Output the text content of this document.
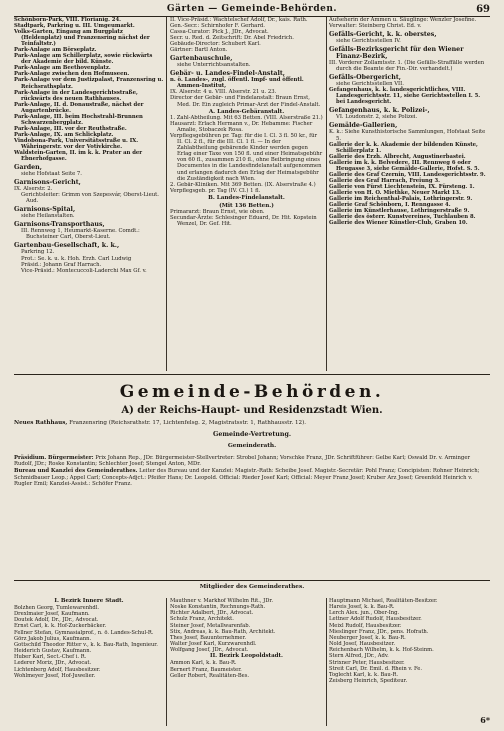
Gärten — Gemeinde-Behörden.	69

Schönborn-Park, VIII. Florianig. 24.

Stadtpark, Parkring u. III. Umgeumarkt.

Volks-Garten, Eingang am Burgplatz (Heldenplatz) und Franzensring nächst der Teinfaltstr.)

Park-Anlage am Börseplatz.

Park-Anlage am Schillerplatz, sowie rückwärts der Akademie der bild. Künste.

Park-Anlage am Beethovenplatz.

Park-Anlage zwischen den Hofmuseen.

Park-Anlage vor dem Justizpalast, Franzensring u. Reichsrathsplatz.

Park-Anlage in der Landesgerichtsstraße, rückwärts des neuen Rathhauses.

Park-Anlage, II. d. Donaustraße, nächst der Augartenbrücke.

Park-Anlage, III. beim Hochstrahl-Brunnen Schwarzenbergplatz.

Park-Anlage, III. vor der Reuthstraße.

Park-Anlage, IX. am Schlickplatz.

Vindobona-Park, Universitätsstraße u. IX. Währingerstr. vor der Votivkirche.

Waldstein-Garten, II. im k. k. Prater an der Ebnerhofgasse.

Garden,

siehe Hofstaat Seite 7.

Garnisons-Gericht,

IX. Alserstr. 2.

Gerichtsleiter: Grimm von Szepesvár, Oberst-Lieut. Aud.

Garnisons-Spital,

siehe Heilanstalten.

Garnisons-Transporthaus,

III. Rennweg 1, Heumarkt-Kaserne. Comdt.: Buchsteiner Carl, Oberst-Lieut.

Gartenbau-Gesellschaft, k. k.,

Parkring 12.

Prot.: Se. k. u. k. Hoh. Erzh. Carl Ludwig

Präsid.: Johann Graf Harrach.

Vice-Präsid.: Montecuccoli-Laderchi Max Gf. v.

II. Vice-Präsid.: Wachtelschef Adolf, Dr., kais. Rath.

Gen.-Secr.: Schirnhofer F. Gerhard.

Cassa-Curator: Pick J., JDr., Advocat.

Secr. u. Red. d. Zeitschrift: Dr. Abel Friedrich.

Gebäude-Director: Schubert Karl.

Gärtner: Bartl Anton.

Gartenbauschule,

siehe Unterrichtsanstalten.

Gebär- u. Landes-Findel-Anstalt,

n. ö. Landes-, zugl. öffentl. Impf- und öffentl. Ammen-Institut,

IX. Alserstr. 4 u. VIII. Alserstr. 21 u. 23.

Director der Gebär- und Findelanstalt: Braun Ernst, Med. Dr. Ein zugleich Primar-Arzt der Findel-Anstalt.

A. Landes-Gebäranstalt.

1. Zahl-Abtheilung. Mit 63 Betten. (VIII. Alserstraße 21.)

Hausarzt: Erlach Hermann v., Dr. Hebamme: Fischer Amalie, Stobaczek Rosa.

Verpflegsgebühren pr. Tag: für die I. Cl. 3 fl. 50 kr., für II. Cl. 2 fl., für die III. Cl. 1 fl. — In der Zahlabtheilung gebärende Kinder werden gegen Erlag einer Taxe von 150 fl. und einer Heimatsgebühr von 60 fl., zusammen 210 fl., ohne Beibringung eines Documentes in die Landesfindelanstalt aufgenommen und erlangen dadurch den Erlag der Heimatsgebühr die Zuständigkeit nach Wien.

2. Gebär-Kliniken. Mit 369 Betten. (IX. Alserstraße 4.)

Verpflegsgeb. pr. Tag (IV. Cl.) 1 fl.

B. Landes-Findelanstalt.

(Mit 136 Betten.)

Primararzt: Braun Ernst, wie oben.

Secundar-Ärzte: Schlesinger Eduard, Dr. Hit. Kopstein Wenzel, Dr. Gef. Hit.

Aufseherin der Ammen u. Säuglinge: Wenzler Josefine.

Verwalter: Steinberg Christ. Ed. v.

Gefälls-Gericht, k. k. oberstes,

siehe Gerichtsstellen IV.

Gefälls-Bezirksgericht für den Wiener Finanz-Bezirk,

III. Vorderer Zollamtsstr. 1. (Die Gefälls-Straffälle werden durch die Beamte der Fin.-Dir. verhandelt.)

Gefälls-Obergericht,

siehe Gerichtsstellen VII.

Gefangenhaus, k. k. landesgerichtliches, VIII. Landesgerichtsstr. 11, siehe Gerichtsstellen I. 5. bei Landesgericht.

Gefangenhaus, k. k. Polizei-,

VI. Loudonstr. 2, siehe Polizei.

Gemälde-Gallerien,

K. k.: Siehe Kunsthistorische Sammlungen, Hofstaat Seite 5.

Gallerie der k. k. Akademie der bildenden Künste, Schillerplatz 1.

Gallerie des Erzh. Albrecht, Augustinerbastei.

Gallerie im k. k. Belvedere, III. Rennweg 6 oder Heugasse 3, siehe Gemälde-Gallerie, Hofst. S. 5.

Gallerie des Graf Czernin, VIII. Landesgerichtsstr. 9.

Gallerie des Graf Harrach, Freiung 3.

Gallerie von Fürst Liechtenstein, IX. Fürsteng. 1.

Gallerie von H. O. Miethke, Neuer Markt 13.

Gallerie im Reichenthal-Palais, Lothringerstr. 9.

Gallerie Graf Schönborn, I. Renngasse 4.

Gallerie im Künstlerhause, Lothringerstraße 9.

Gallerie des österr. Kunstvereines, Tuchlauben 8.

Gallerie des Wiener Künstler-Club, Graben 10.

Gemeinde-Behörden.
A) der Reichs-Haupt- und Residenzstadt Wien.
Neues Rathhaus, Franzensring (Reichsrathstr. 17, Lichtenfelsg. 2, Magistratsstr. 1, Rathhausstr. 12).
Gemeinde-Vertretung.
Gemeinderath.

Präsidium. Bürgermeister: Prix Johann Rep., JDr. Bürgermeister-Stellvertreter: Strobel Johann; Vorschke Franz, JDr. Schriftführer: Gelbe Karl; Oswald Dr. v. Arminger Rudolf, JDr.; Roske Konstantin; Schlechter Josef; Stengel Anton, MDr.

Bureau und Kanzlei des Gemeinderathes. Leiter des Bureau und der Kanzlei: Magistr.-Rath: Scheibe Josef. Magistr.-Secretär: Pohl Franz; Concipisten: Rohner Heinrich; Schmidbauer Leop.; Appel Carl; Concepts-Adjct.: Pfeifer Hans; Dr. Leopold. Official: Rieder Josef Karl; Official: Meyer Franz Josef; Kruber Arz Josef; Greenfeld Heinrich v. Rugler Emil; Kanzlei-Assist.: Schöfer Franz.

Mitglieder des Gemeinderathes.

I. Bezirk Innere Stadt.

Bolzhen Georg, Tumlewarenhdl.

Drexlmaier Josef, Kaufmann.

Doutek Adolf, Dr., JDr., Advocat.

Ernst Carl, k. k. Hof-Zuckerbäcker.

Fellner Stefan, Gymnasialprof., n. ö. Landes-Schul-R.

Görz Jakob Julius, Kaufmann.

Gottschild Theodor Ritter v., k. k. Bau-Rath, Ingenieur.

Heiderich Gustav, Kaufmann.

Huber Karl, Sect.-Chef i. R.

Lederer Moriz, JDr., Advocat.

Lichtenberg Adolf, Hausbesitzer.

Wohlmeyer Josef, Hof-Juwelier.

Mauthner v. Markhof Wilhelm Rit., JDr.

Noske Konstantin, Rechnungs-Rath.

Richter Adalbert, JDr., Advocat.

Schulz Franz, Architekt.

Steiner Josef, Metallwarenfab.

Stix, Andreas, k. k. Bau-Rath, Architekt.

Thes Josef, Bauunternehmer.

Walter Josef Karl, Kurzwarenhdl.

Wolfgang Josef, JDr., Advocat.

II. Bezirk Leopoldstadt.

Ammon Karl, k. k. Bau-R.

Bernert Franz, Baumeister.

Geller Robert, Realitäten-Bes.

Hauptmann Michael, Realitäten-Besitzer.

Hareis Josef, k. k. Bau-R.

Lerch Alex. jun., Ober-Ing.

Lettner Adolf Rudolf, Hausbesitzer.

Meixl Rudolf, Hausbesitzer.

Mieslinger Franz, JDr., pens. Hofrath.

Neuberger Josef, k. k. Bau-R.

Nold Josef, Hausbesitzer.

Reichenbach Wilhelm, k. k. Hof-Steinm.

Stern Alfred, JDr., Adv.

Strixner Peter, Hausbesitzer.

Streit Carl, Dr. Emil. d. Rhein v. Fe.

Toglecht Karl, k. k. Bau-R.

Zeisberg Heinrich, Spediteur.

6*
